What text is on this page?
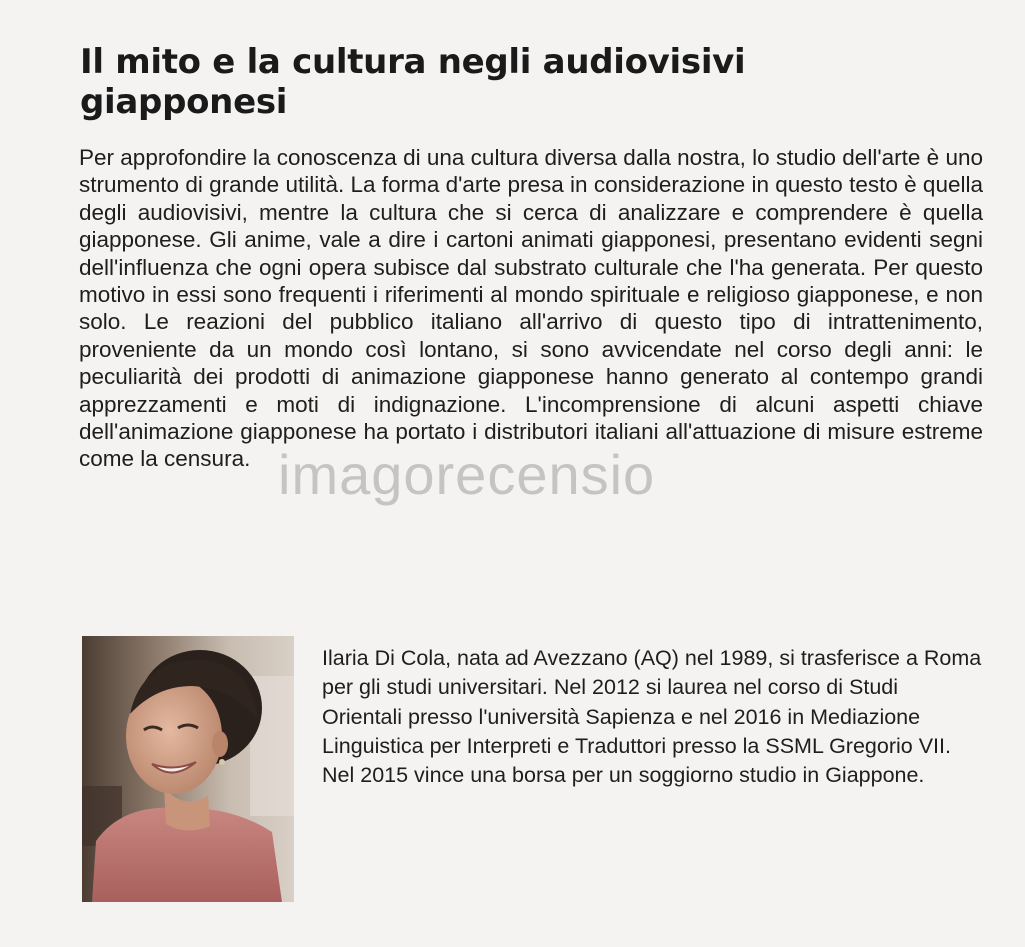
Il mito e la cultura negli audiovisivi giapponesi

Per approfondire la conoscenza di una cultura diversa dalla nostra, lo studio dell'arte è uno strumento di grande utilità. La forma d'arte presa in considerazione in questo testo è quella degli audiovisivi, mentre la cultura che si cerca di analizzare e comprendere è quella giapponese. Gli anime, vale a dire i cartoni animati giapponesi, presentano evidenti segni dell'influenza che ogni opera subisce dal substrato culturale che l'ha generata. Per questo motivo in essi sono frequenti i riferimenti al mondo spirituale e religioso giapponese, e non solo. Le reazioni del pubblico italiano all'arrivo di questo tipo di intrattenimento, proveniente da un mondo così lontano, si sono avvicendate nel corso degli anni: le peculiarità dei prodotti di animazione giapponese hanno generato al contempo grandi apprezzamenti e moti di indignazione. L'incomprensione di alcuni aspetti chiave dell'animazione giapponese ha portato i distributori italiani all'attuazione di misure estreme come la censura. imagorecensio

Ilaria Di Cola, nata ad Avezzano (AQ) nel 1989, si trasferisce a Roma per gli studi universitari. Nel 2012 si laurea nel corso di Studi Orientali presso l'università Sapienza e nel 2016 in Mediazione Linguistica per Interpreti e Traduttori presso la SSML Gregorio VII. Nel 2015 vince una borsa per un soggiorno studio in Giappone.
